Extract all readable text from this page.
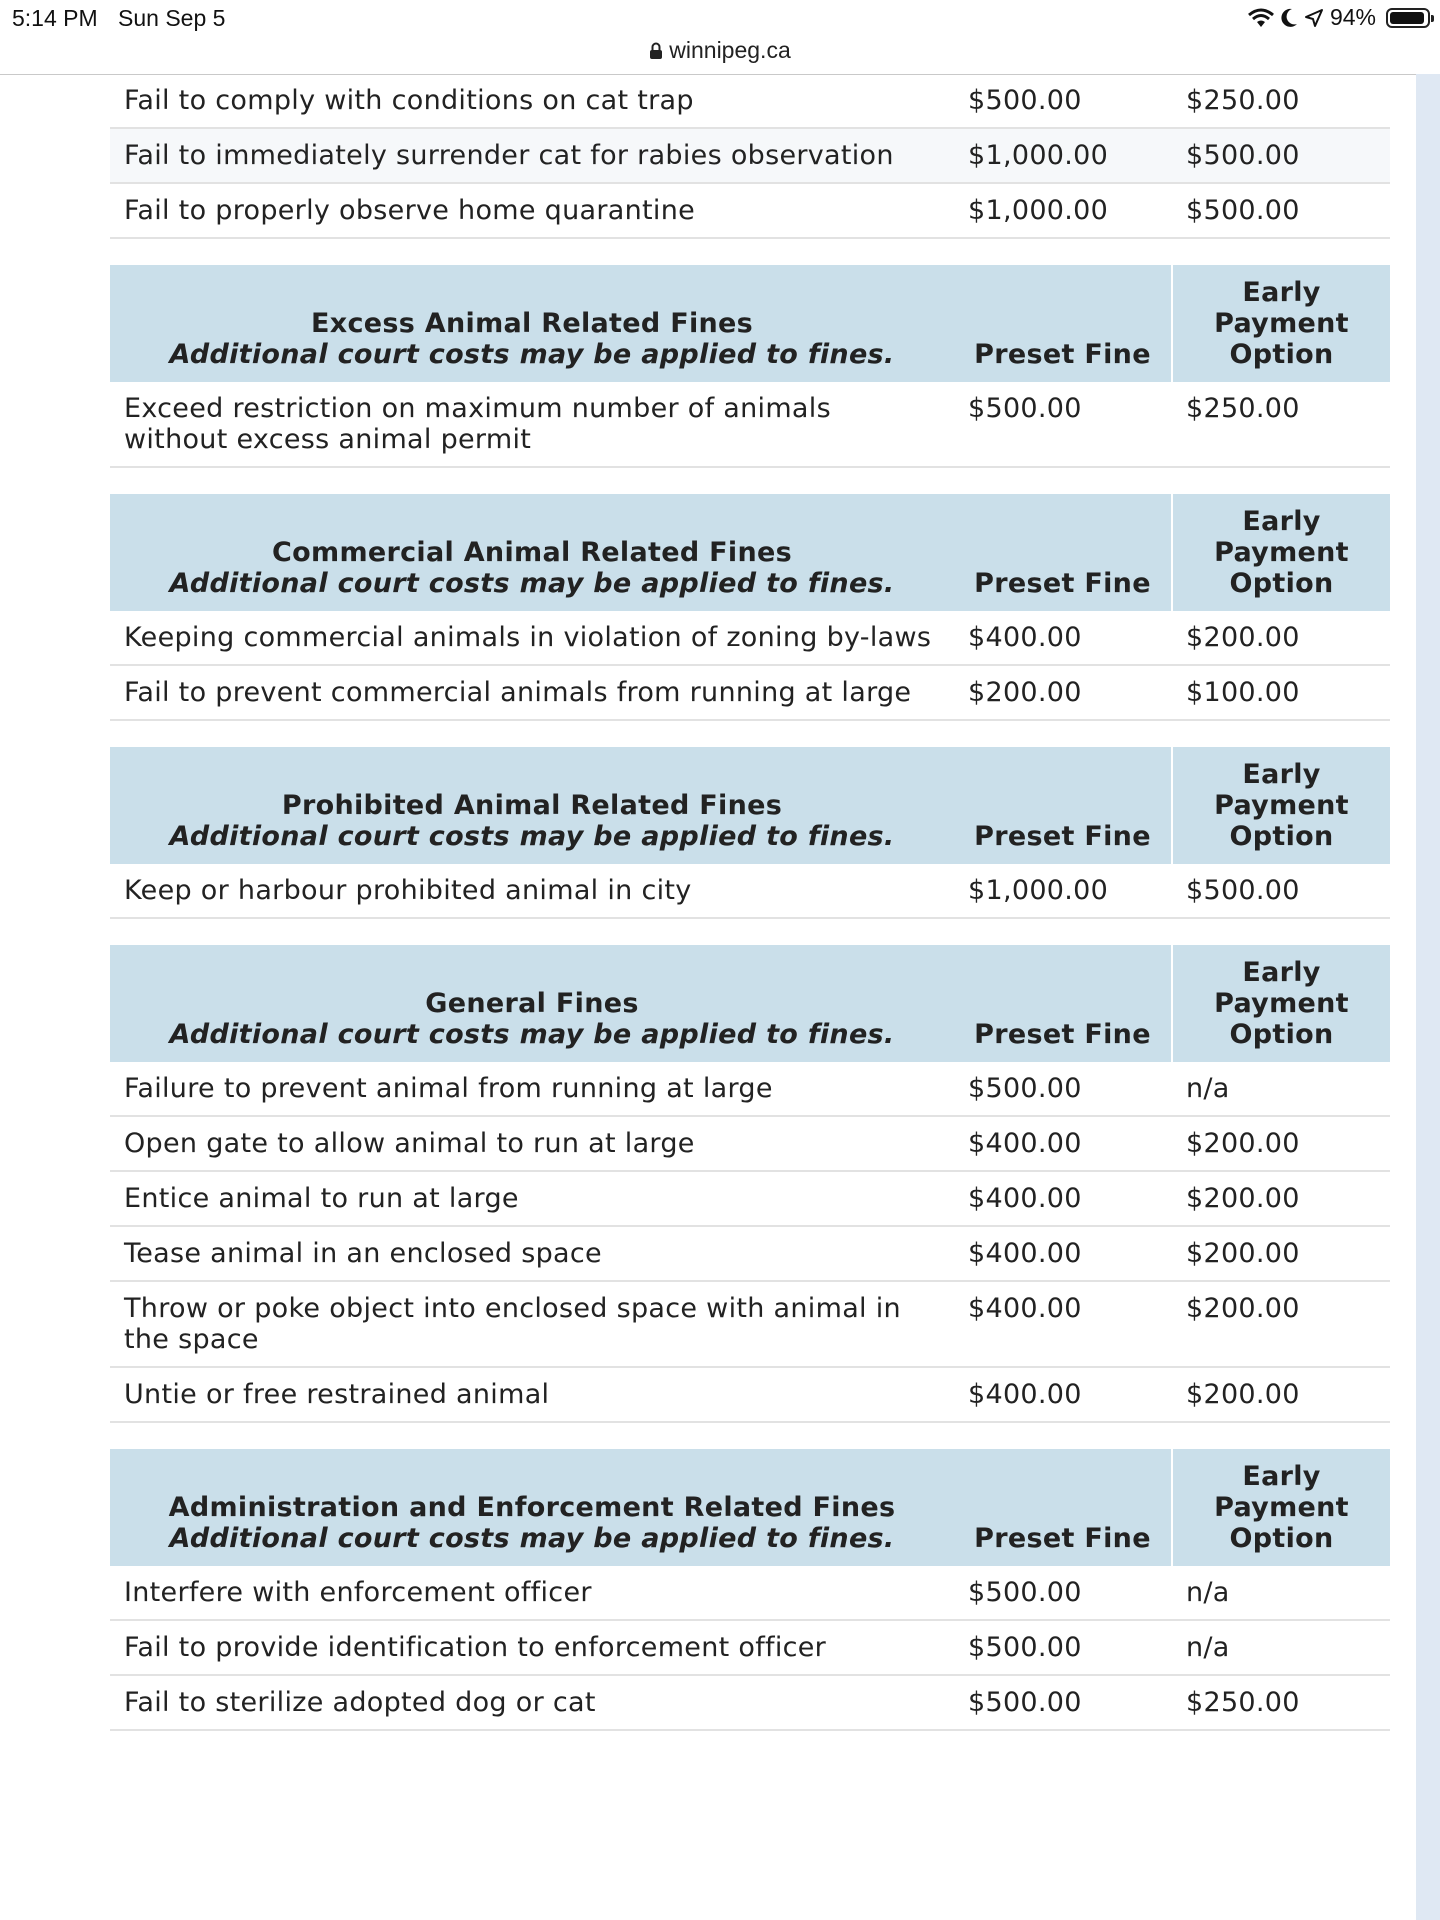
5:14 PM Sun Sep 5	94%
winnipeg.ca
Fail to comply with conditions on cat trap	$500.00	$250.00
Fail to immediately surrender cat for rabies observation	$1,000.00	$500.00
Fail to properly observe home quarantine	$1,000.00	$500.00

Excess Animal Related Fines
Additional court costs may be applied to fines.	Preset Fine	Early
Payment
Option

Exceed restriction on maximum number of animals without excess animal permit	$500.00	$250.00

Commercial Animal Related Fines
Additional court costs may be applied to fines.	Preset Fine	Early
Payment
Option

Keeping commercial animals in violation of zoning by-laws	$400.00	$200.00
Fail to prevent commercial animals from running at large	$200.00	$100.00

Prohibited Animal Related Fines
Additional court costs may be applied to fines.	Preset Fine	Early
Payment
Option

Keep or harbour prohibited animal in city	$1,000.00	$500.00

General Fines
Additional court costs may be applied to fines.	Preset Fine	Early
Payment
Option

Failure to prevent animal from running at large	$500.00	n/a
Open gate to allow animal to run at large	$400.00	$200.00
Entice animal to run at large	$400.00	$200.00
Tease animal in an enclosed space	$400.00	$200.00
Throw or poke object into enclosed space with animal in the space	$400.00	$200.00
Untie or free restrained animal	$400.00	$200.00

Administration and Enforcement Related Fines
Additional court costs may be applied to fines.	Preset Fine	Early
Payment
Option

Interfere with enforcement officer	$500.00	n/a
Fail to provide identification to enforcement officer	$500.00	n/a
Fail to sterilize adopted dog or cat	$500.00	$250.00
